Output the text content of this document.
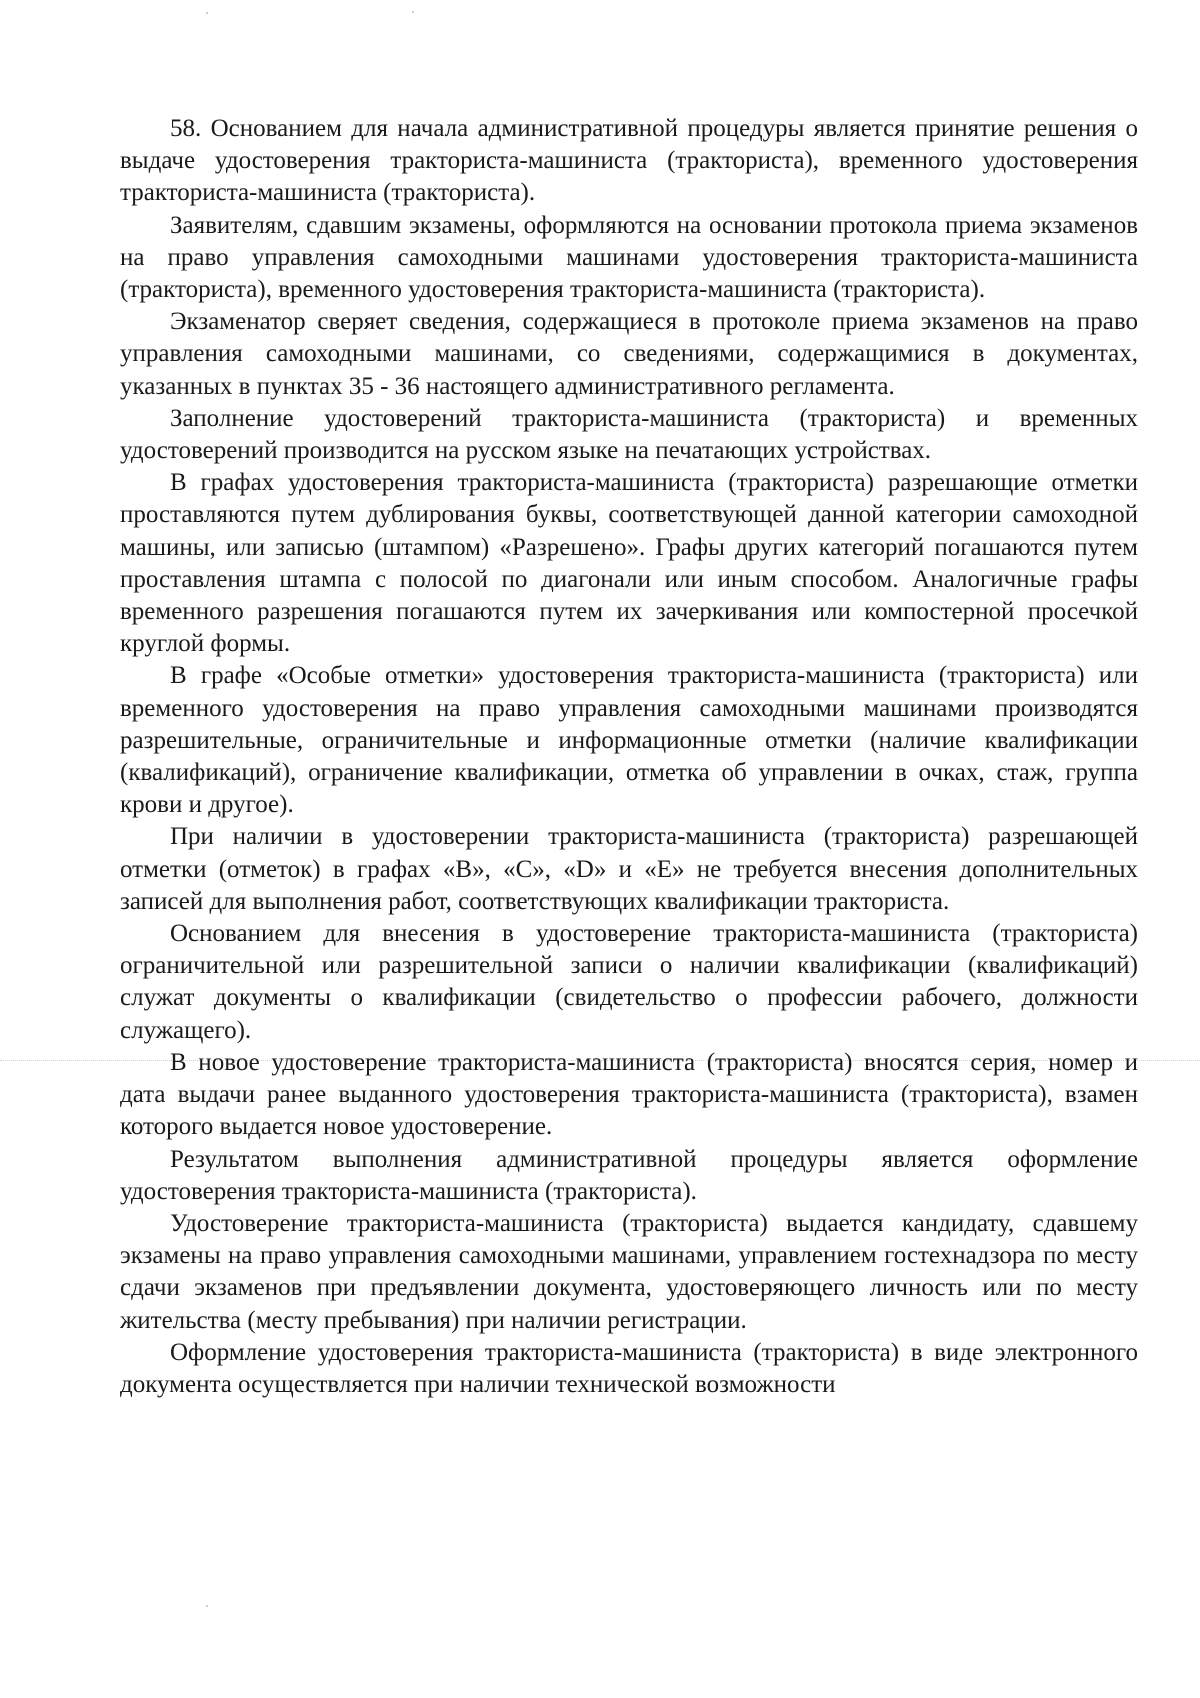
58. Основанием для начала административной процедуры является принятие решения о выдаче удостоверения тракториста-машиниста (тракториста), временного удостоверения тракториста-машиниста (тракториста).

Заявителям, сдавшим экзамены, оформляются на основании протокола приема экзаменов на право управления самоходными машинами удостоверения тракториста-машиниста (тракториста), временного удостоверения тракториста-машиниста (тракториста).

Экзаменатор сверяет сведения, содержащиеся в протоколе приема экзаменов на право управления самоходными машинами, со сведениями, содержащимися в документах, указанных в пунктах 35 - 36 настоящего административного регламента.

Заполнение удостоверений тракториста-машиниста (тракториста) и временных удостоверений производится на русском языке на печатающих устройствах.

В графах удостоверения тракториста-машиниста (тракториста) разрешающие отметки проставляются путем дублирования буквы, соответствующей данной категории самоходной машины, или записью (штампом) «Разрешено». Графы других категорий погашаются путем проставления штампа с полосой по диагонали или иным способом. Аналогичные графы временного разрешения погашаются путем их зачеркивания или компостерной просечкой круглой формы.

В графе «Особые отметки» удостоверения тракториста-машиниста (тракториста) или временного удостоверения на право управления самоходными машинами производятся разрешительные, ограничительные и информационные отметки (наличие квалификации (квалификаций), ограничение квалификации, отметка об управлении в очках, стаж, группа крови и другое).

При наличии в удостоверении тракториста-машиниста (тракториста) разрешающей отметки (отметок) в графах «В», «С», «D» и «Е» не требуется внесения дополнительных записей для выполнения работ, соответствующих квалификации тракториста.

Основанием для внесения в удостоверение тракториста-машиниста (тракториста) ограничительной или разрешительной записи о наличии квалификации (квалификаций) служат документы о квалификации (свидетельство о профессии рабочего, должности служащего).

В новое удостоверение тракториста-машиниста (тракториста) вносятся серия, номер и дата выдачи ранее выданного удостоверения тракториста-машиниста (тракториста), взамен которого выдается новое удостоверение.

Результатом выполнения административной процедуры является оформление удостоверения тракториста-машиниста (тракториста).

Удостоверение тракториста-машиниста (тракториста) выдается кандидату, сдавшему экзамены на право управления самоходными машинами, управлением гостехнадзора по месту сдачи экзаменов при предъявлении документа, удостоверяющего личность или по месту жительства (месту пребывания) при наличии регистрации.

Оформление удостоверения тракториста-машиниста (тракториста) в виде электронного документа осуществляется при наличии технической возможности
